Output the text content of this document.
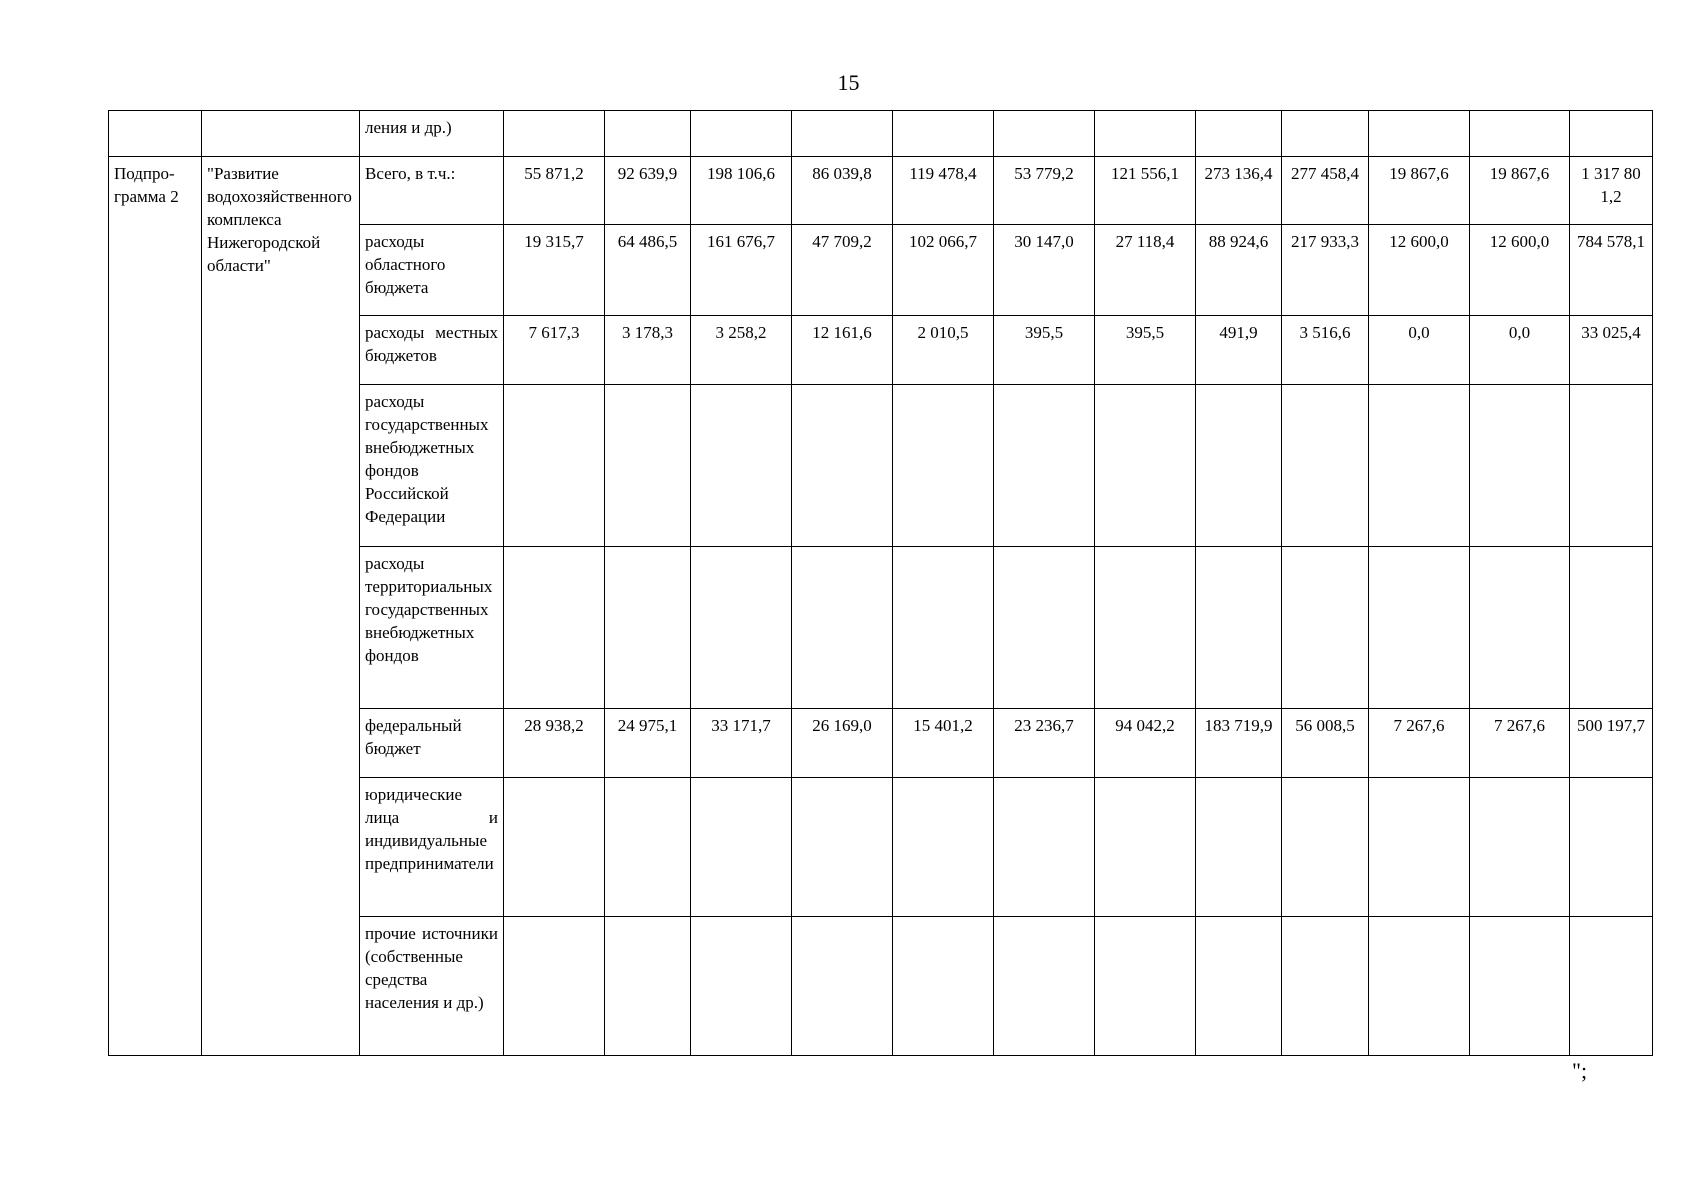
15
		ления и др.)												
Подпро-грамма 2	"Развитие водохозяйственного комплекса Нижегородской области"	Всего, в т.ч.:	55 871,2	92 639,9	198 106,6	86 039,8	119 478,4	53 779,2	121 556,1	273 136,4	277 458,4	19 867,6	19 867,6	1 317 801,2
		расходы областного бюджета	19 315,7	64 486,5	161 676,7	47 709,2	102 066,7	30 147,0	27 118,4	88 924,6	217 933,3	12 600,0	12 600,0	784 578,1
		расходы местных бюджетов	7 617,3	3 178,3	3 258,2	12 161,6	2 010,5	395,5	395,5	491,9	3 516,6	0,0	0,0	33 025,4
		расходы государственных внебюджетных фондов Российской Федерации												
		расходы территориальных государственных внебюджетных фондов												
		федеральный бюджет	28 938,2	24 975,1	33 171,7	26 169,0	15 401,2	23 236,7	94 042,2	183 719,9	56 008,5	7 267,6	7 267,6	500 197,7
		юридические лица и индивидуальные предприниматели												
		прочие источники (собственные средства населения и др.)												
";
